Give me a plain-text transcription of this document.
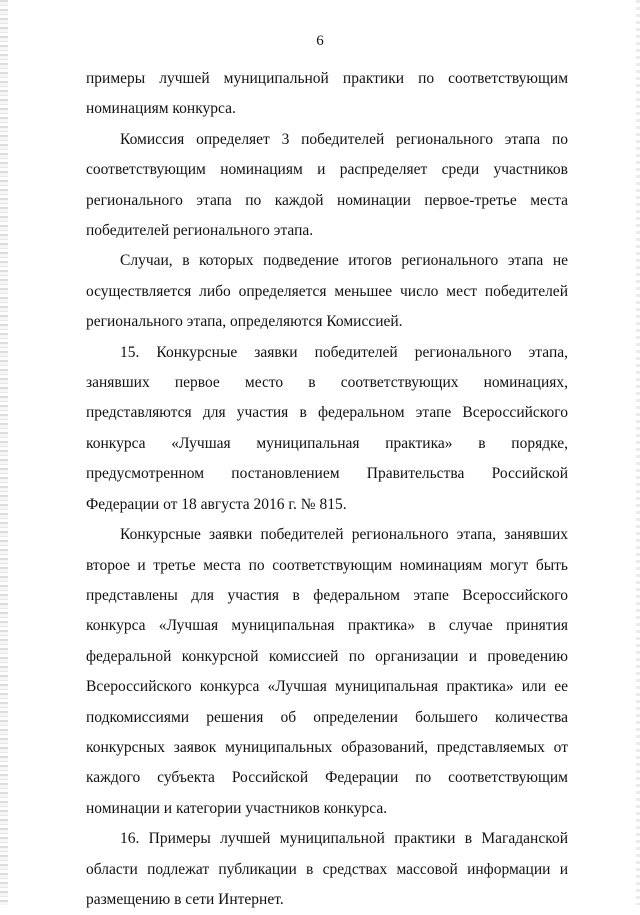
6

примеры лучшей муниципальной практики по соответствующим номинациям конкурса.

Комиссия определяет 3 победителей регионального этапа по соответствующим номинациям и распределяет среди участников регионального этапа по каждой номинации первое-третье места победителей регионального этапа.

Случаи, в которых подведение итогов регионального этапа не осуществляется либо определяется меньшее число мест победителей регионального этапа, определяются Комиссией.

15. Конкурсные заявки победителей регионального этапа, занявших первое место в соответствующих номинациях, представляются для участия в федеральном этапе Всероссийского конкурса «Лучшая муниципальная практика» в порядке, предусмотренном постановлением Правительства Российской Федерации от 18 августа 2016 г. № 815.

Конкурсные заявки победителей регионального этапа, занявших второе и третье места по соответствующим номинациям могут быть представлены для участия в федеральном этапе Всероссийского конкурса «Лучшая муниципальная практика» в случае принятия федеральной конкурсной комиссией по организации и проведению Всероссийского конкурса «Лучшая муниципальная практика» или ее подкомиссиями решения об определении большего количества конкурсных заявок муниципальных образований, представляемых от каждого субъекта Российской Федерации по соответствующим номинации и категории участников конкурса.

16. Примеры лучшей муниципальной практики в Магаданской области подлежат публикации в средствах массовой информации и размещению в сети Интернет.
